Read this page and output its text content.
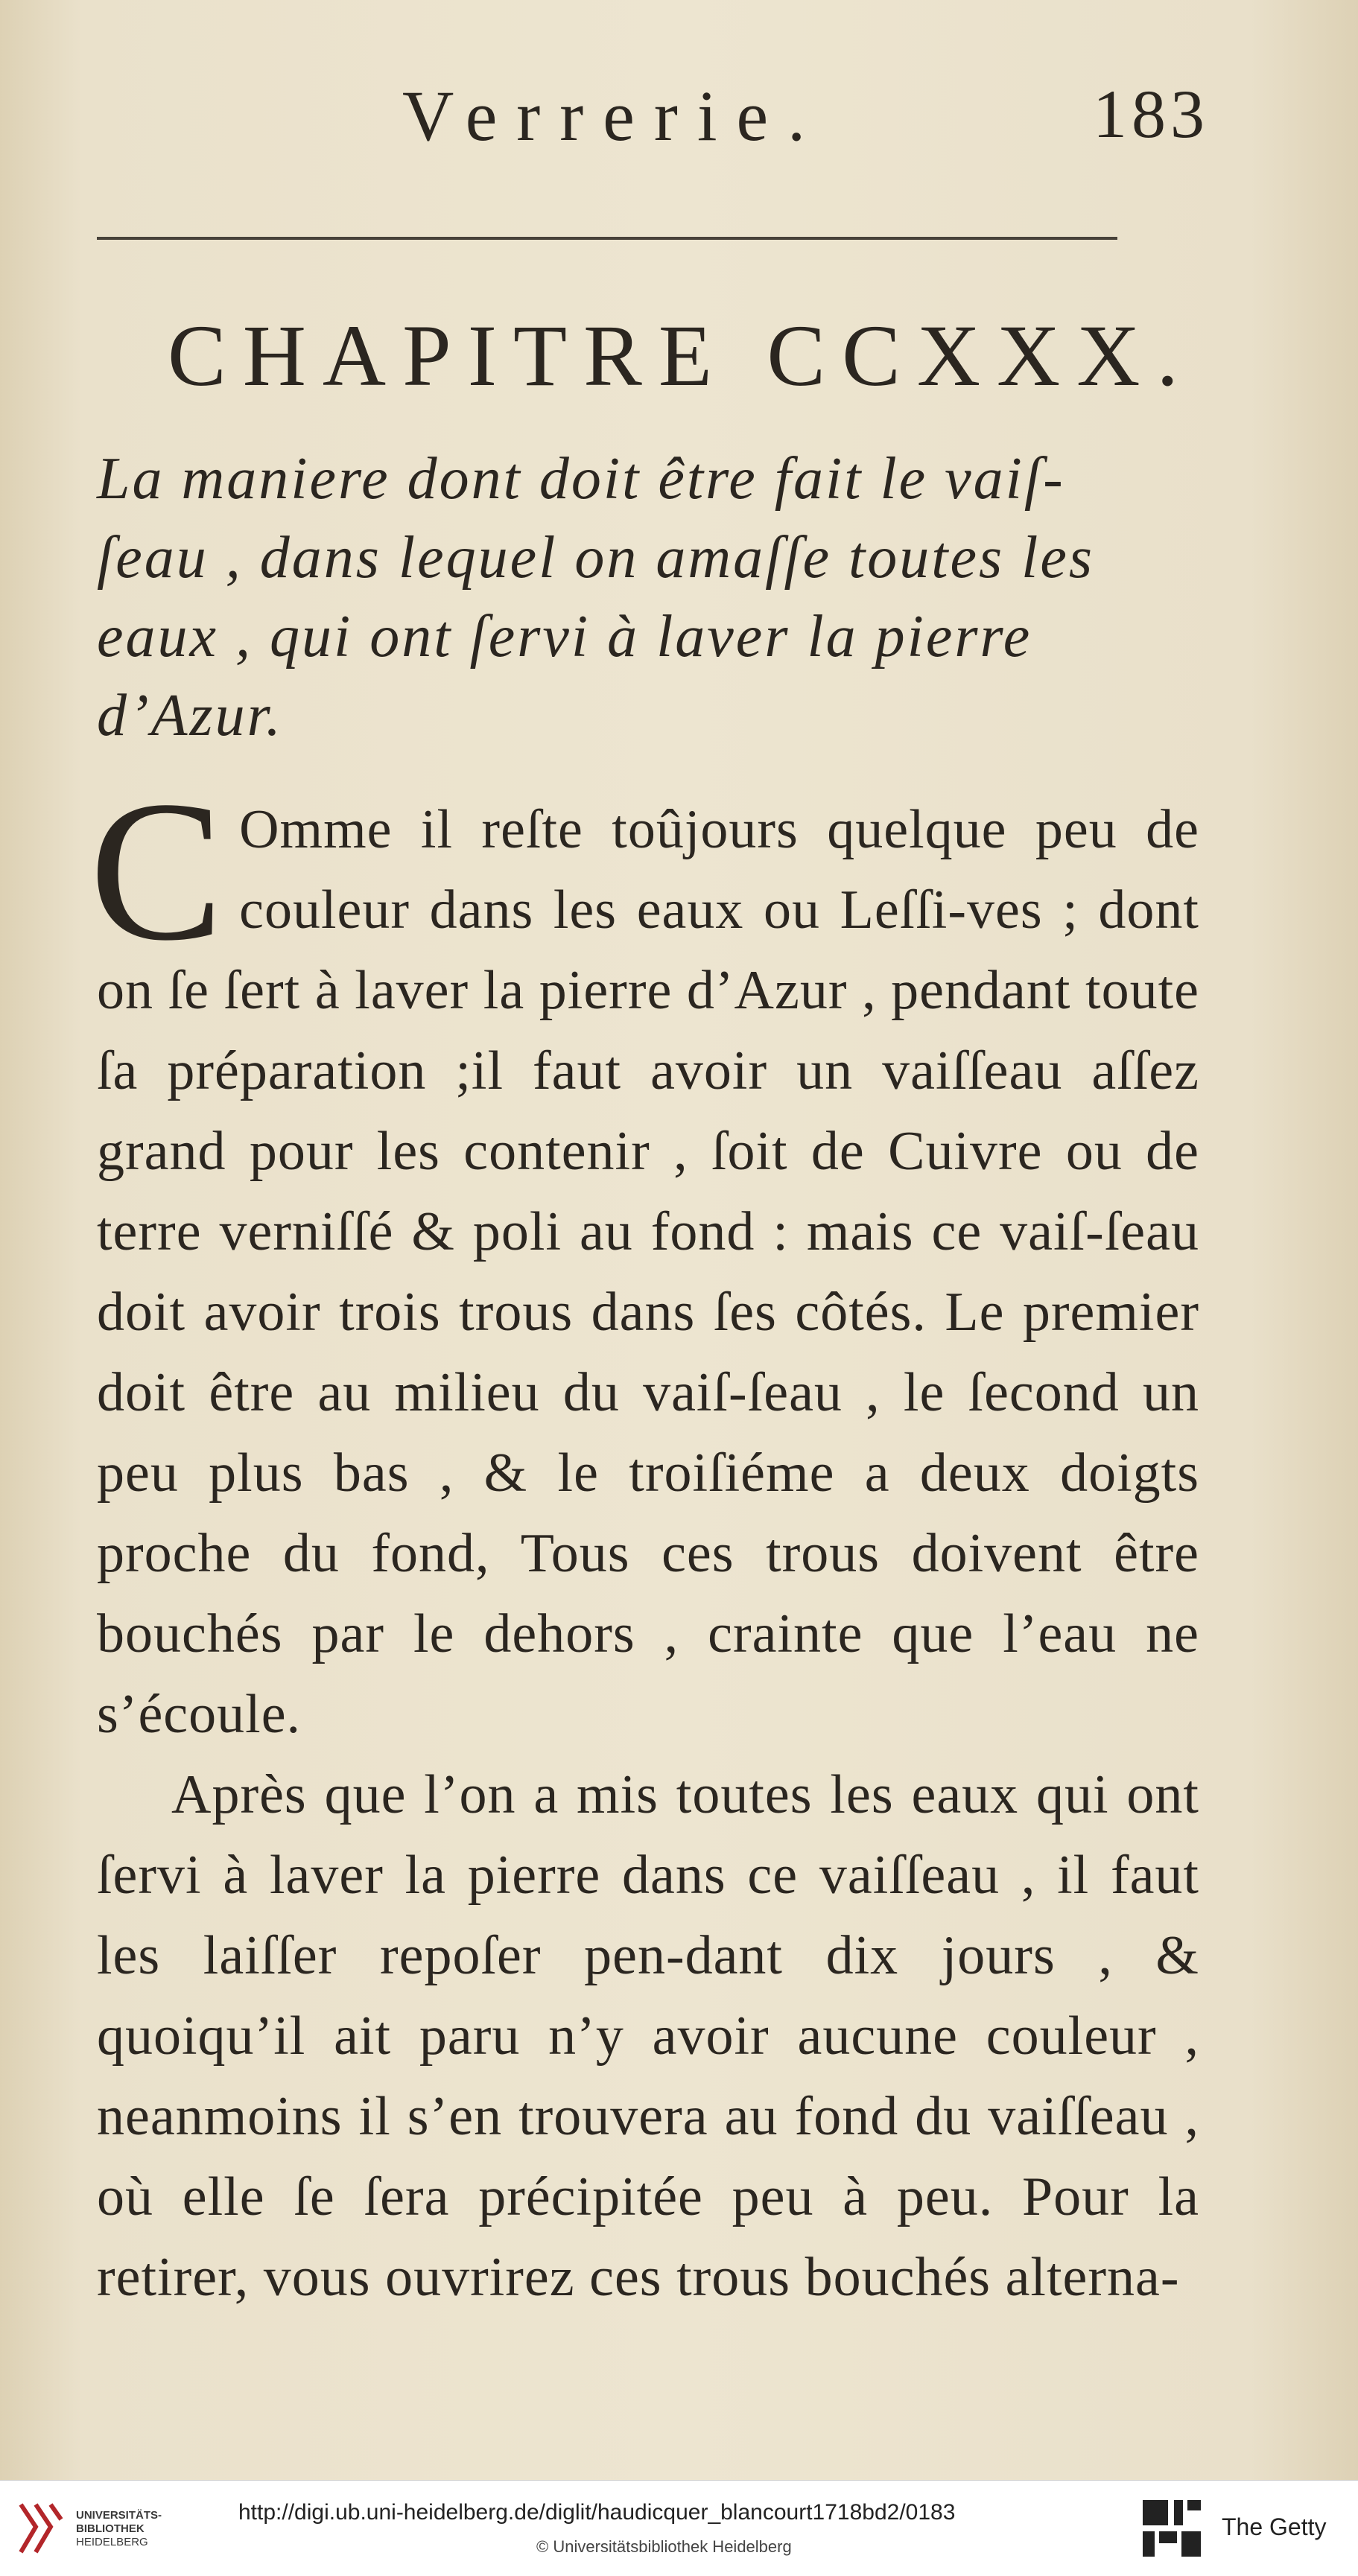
Verrerie.	183
CHAPITRE CCXXX.
La maniere dont doit être fait le vaiſ-
ſeau , dans lequel on amaſſe toutes les
eaux , qui ont ſervi à laver la pierre
d’Azur.

C Omme il reſte toûjours quelque peu de couleur dans les eaux ou Leſſi-ves ; dont on ſe ſert à laver la pierre d’Azur , pendant toute ſa préparation ;il faut avoir un vaiſſeau aſſez grand pour les contenir , ſoit de Cuivre ou de terre verniſſé & poli au fond : mais ce vaiſ-ſeau doit avoir trois trous dans ſes côtés. Le premier doit être au milieu du vaiſ-ſeau , le ſecond un peu plus bas , & le troiſiéme a deux doigts proche du fond, Tous ces trous doivent être bouchés par le dehors , crainte que l’eau ne s’écoule.

Après que l’on a mis toutes les eaux qui ont ſervi à laver la pierre dans ce vaiſſeau , il faut les laiſſer repoſer pen-dant dix jours , & quoiqu’il ait paru n’y avoir aucune couleur , neanmoins il s’en trouvera au fond du vaiſſeau , où elle ſe ſera précipitée peu à peu. Pour la retirer, vous ouvrirez ces trous bouchés alterna-

UNIVERSITÄTS-
BIBLIOTHEK
HEIDELBERG
http://digi.ub.uni-heidelberg.de/diglit/haudicquer_blancourt1718bd2/0183
© Universitätsbibliothek Heidelberg
The Getty
